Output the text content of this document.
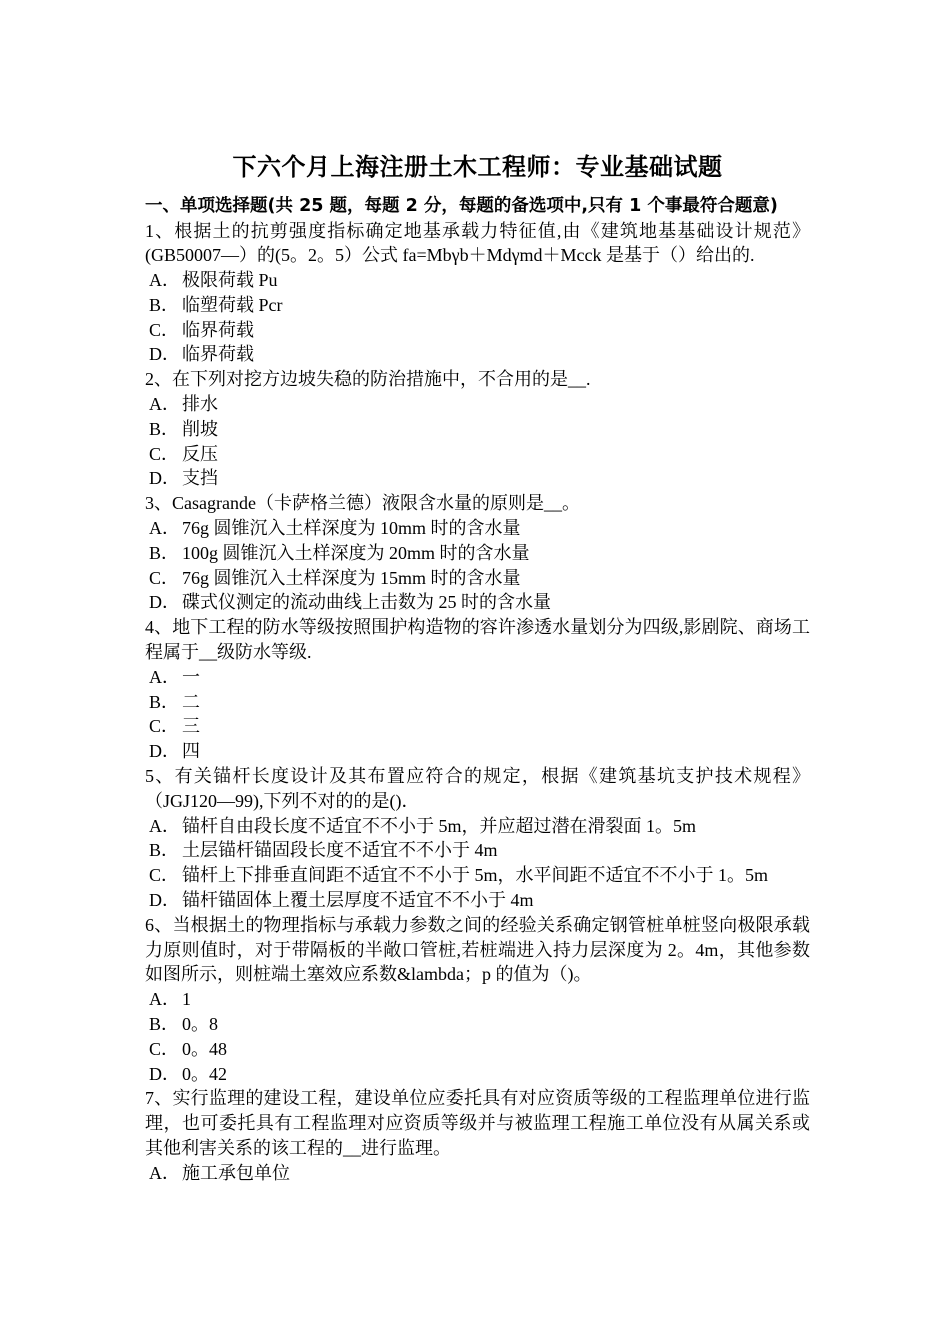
下六个月上海注册土木工程师：专业基础试题
一、单项选择题(共 25 题，每题 2 分，每题的备选项中,只有 1 个事最符合题意)
1、根据土的抗剪强度指标确定地基承载力特征值,由《建筑地基基础设计规范》(GB50007—）的(5。2。5）公式 fa=Mbγb＋Mdγmd＋Mcck 是基于（）给出的.
A． 极限荷载 Pu
B． 临塑荷载 Pcr
C． 临界荷载
D． 临界荷载
2、在下列对挖方边坡失稳的防治措施中，不合用的是__.
A． 排水
B． 削坡
C． 反压
D． 支挡
3、Casagrande（卡萨格兰德）液限含水量的原则是__。
A． 76g 圆锥沉入土样深度为 10mm 时的含水量
B． 100g 圆锥沉入土样深度为 20mm 时的含水量
C． 76g 圆锥沉入土样深度为 15mm 时的含水量
D． 碟式仪测定的流动曲线上击数为 25 时的含水量
4、地下工程的防水等级按照围护构造物的容许渗透水量划分为四级,影剧院、商场工程属于__级防水等级.
A． 一
B． 二
C． 三
D． 四
5、有关锚杆长度设计及其布置应符合的规定，根据《建筑基坑支护技术规程》（JGJ120—99),下列不对的的是()．
A． 锚杆自由段长度不适宜不不小于 5m，并应超过潜在滑裂面 1。5m
B． 土层锚杆锚固段长度不适宜不不小于 4m
C． 锚杆上下排垂直间距不适宜不不小于 5m，水平间距不适宜不不小于 1。5m
D． 锚杆锚固体上覆土层厚度不适宜不不小于 4m
6、当根据土的物理指标与承载力参数之间的经验关系确定钢管桩单桩竖向极限承载力原则值时，对于带隔板的半敞口管桩,若桩端进入持力层深度为 2。4m，其他参数如图所示，则桩端土塞效应系数&lambda；p 的值为（)。
A． 1
B． 0。8
C． 0。48
D． 0。42
7、实行监理的建设工程，建设单位应委托具有对应资质等级的工程监理单位进行监理，也可委托具有工程监理对应资质等级并与被监理工程施工单位没有从属关系或其他利害关系的该工程的__进行监理。
A． 施工承包单位
